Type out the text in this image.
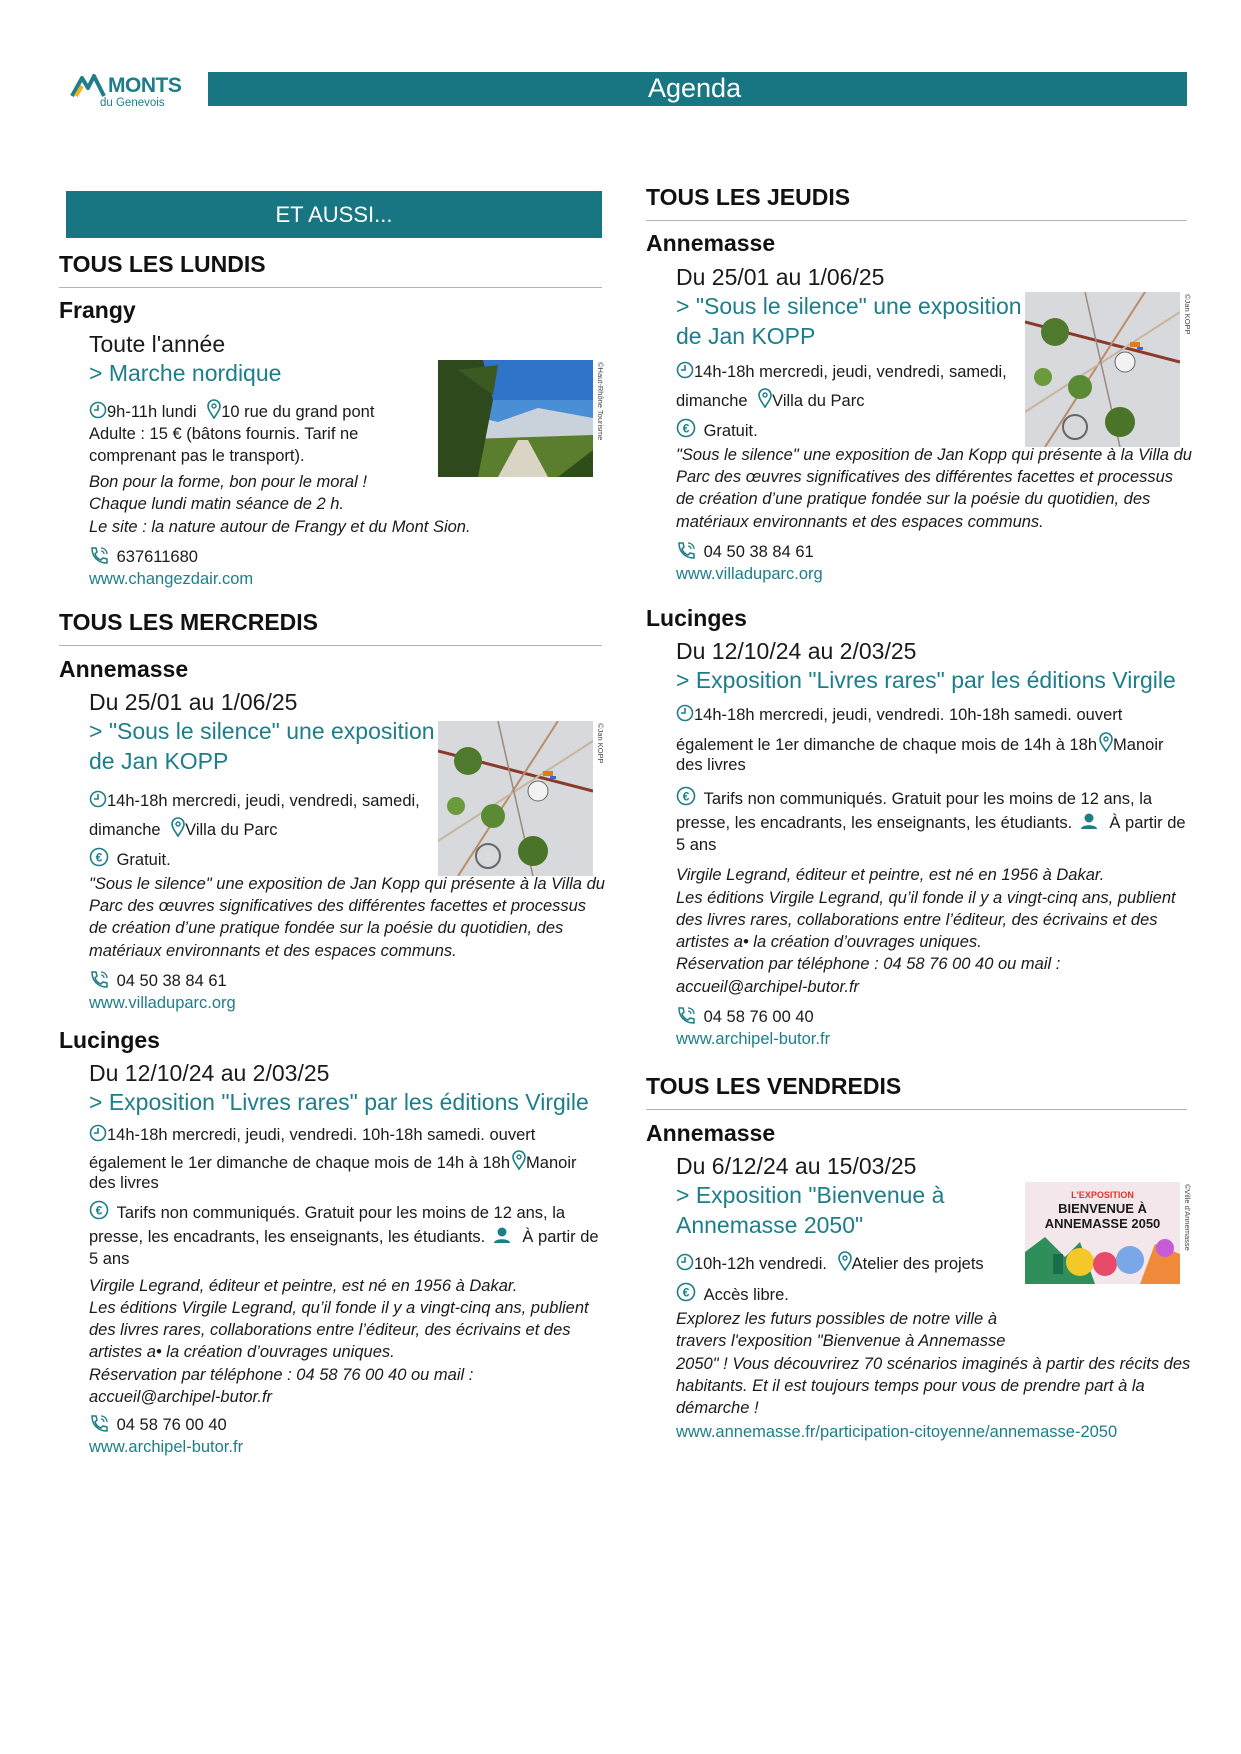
MONTS
du Genevois	Agenda
ET AUSSI...
TOUS LES LUNDIS
Frangy
Toute l'année
> Marche nordique	©Haut-Rhône Tourisme
9h-11h lundi 10 rue du grand pont
Adulte : 15 € (bâtons fournis. Tarif ne
comprenant pas le transport).
Bon pour la forme, bon pour le moral !
Chaque lundi matin séance de 2 h.
Le site : la nature autour de Frangy et du Mont Sion.
637611680
www.changezdair.com
TOUS LES MERCREDIS
Annemasse
Du 25/01 au 1/06/25
> "Sous le silence" une exposition
de Jan KOPP	©Jan KOPP
14h-18h mercredi, jeudi, vendredi, samedi,
dimanche Villa du Parc
€ Gratuit.
"Sous le silence" une exposition de Jan Kopp qui présente à la Villa du
Parc des œuvres significatives des différentes facettes et processus
de création d’une pratique fondée sur la poésie du quotidien, des
matériaux environnants et des espaces communs.
04 50 38 84 61
www.villaduparc.org
Lucinges
Du 12/10/24 au 2/03/25
> Exposition "Livres rares" par les éditions Virgile
14h-18h mercredi, jeudi, vendredi. 10h-18h samedi. ouvert
également le 1er dimanche de chaque mois de 14h à 18h Manoir
des livres
€ Tarifs non communiqués. Gratuit pour les moins de 12 ans, la
presse, les encadrants, les enseignants, les étudiants. À partir de
5 ans
Virgile Legrand, éditeur et peintre, est né en 1956 à Dakar.
Les éditions Virgile Legrand, qu’il fonde il y a vingt-cinq ans, publient
des livres rares, collaborations entre l’éditeur, des écrivains et des
artistes a• la création d’ouvrages uniques.
Réservation par téléphone : 04 58 76 00 40 ou mail :
accueil@archipel-butor.fr
04 58 76 00 40
www.archipel-butor.fr
TOUS LES JEUDIS
Annemasse
Du 25/01 au 1/06/25
> "Sous le silence" une exposition
de Jan KOPP
©Jan KOPP
14h-18h mercredi, jeudi, vendredi, samedi,
dimanche Villa du Parc
€ Gratuit.
"Sous le silence" une exposition de Jan Kopp qui présente à la Villa du
Parc des œuvres significatives des différentes facettes et processus
de création d’une pratique fondée sur la poésie du quotidien, des
matériaux environnants et des espaces communs.
04 50 38 84 61
www.villaduparc.org
Lucinges
Du 12/10/24 au 2/03/25
> Exposition "Livres rares" par les éditions Virgile
14h-18h mercredi, jeudi, vendredi. 10h-18h samedi. ouvert
également le 1er dimanche de chaque mois de 14h à 18h Manoir
des livres
€ Tarifs non communiqués. Gratuit pour les moins de 12 ans, la
presse, les encadrants, les enseignants, les étudiants. À partir de
5 ans
Virgile Legrand, éditeur et peintre, est né en 1956 à Dakar.
Les éditions Virgile Legrand, qu’il fonde il y a vingt-cinq ans, publient
des livres rares, collaborations entre l’éditeur, des écrivains et des
artistes a• la création d’ouvrages uniques.
Réservation par téléphone : 04 58 76 00 40 ou mail :
accueil@archipel-butor.fr
04 58 76 00 40
www.archipel-butor.fr
TOUS LES VENDREDIS
Annemasse
Du 6/12/24 au 15/03/25
> Exposition "Bienvenue à
Annemasse 2050"
L'EXPOSITION
BIENVENUE À
ANNEMASSE 2050	©Ville d'Annemasse
10h-12h vendredi. Atelier des projets
€ Accès libre.
Explorez les futurs possibles de notre ville à
travers l'exposition "Bienvenue à Annemasse
2050" ! Vous découvrirez 70 scénarios imaginés à partir des récits des
habitants. Et il est toujours temps pour vous de prendre part à la
démarche !
www.annemasse.fr/participation-citoyenne/annemasse-2050
